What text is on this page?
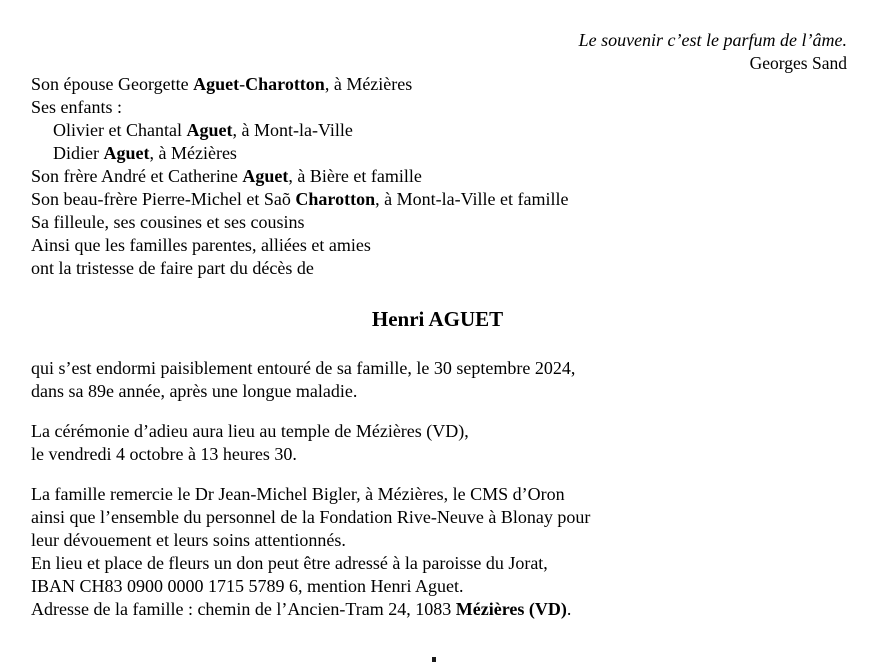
Le souvenir c’est le parfum de l’âme.
Georges Sand
Son épouse Georgette Aguet-Charotton, à Mézières
Ses enfants :
Olivier et Chantal Aguet, à Mont-la-Ville
Didier Aguet, à Mézières
Son frère André et Catherine Aguet, à Bière et famille
Son beau-frère Pierre-Michel et Saõ Charotton, à Mont-la-Ville et famille
Sa filleule, ses cousines et ses cousins
Ainsi que les familles parentes, alliées et amies
ont la tristesse de faire part du décès de
Henri AGUET
qui s’est endormi paisiblement entouré de sa famille, le 30 septembre 2024,
dans sa 89e année, après une longue maladie.
La cérémonie d’adieu aura lieu au temple de Mézières (VD),
le vendredi 4 octobre à 13 heures 30.
La famille remercie le Dr Jean-Michel Bigler, à Mézières, le CMS d’Oron
ainsi que l’ensemble du personnel de la Fondation Rive-Neuve à Blonay pour
leur dévouement et leurs soins attentionnés.
En lieu et place de fleurs un don peut être adressé à la paroisse du Jorat,
IBAN CH83 0900 0000 1715 5789 6, mention Henri Aguet.
Adresse de la famille : chemin de l’Ancien-Tram 24, 1083 Mézières (VD).
